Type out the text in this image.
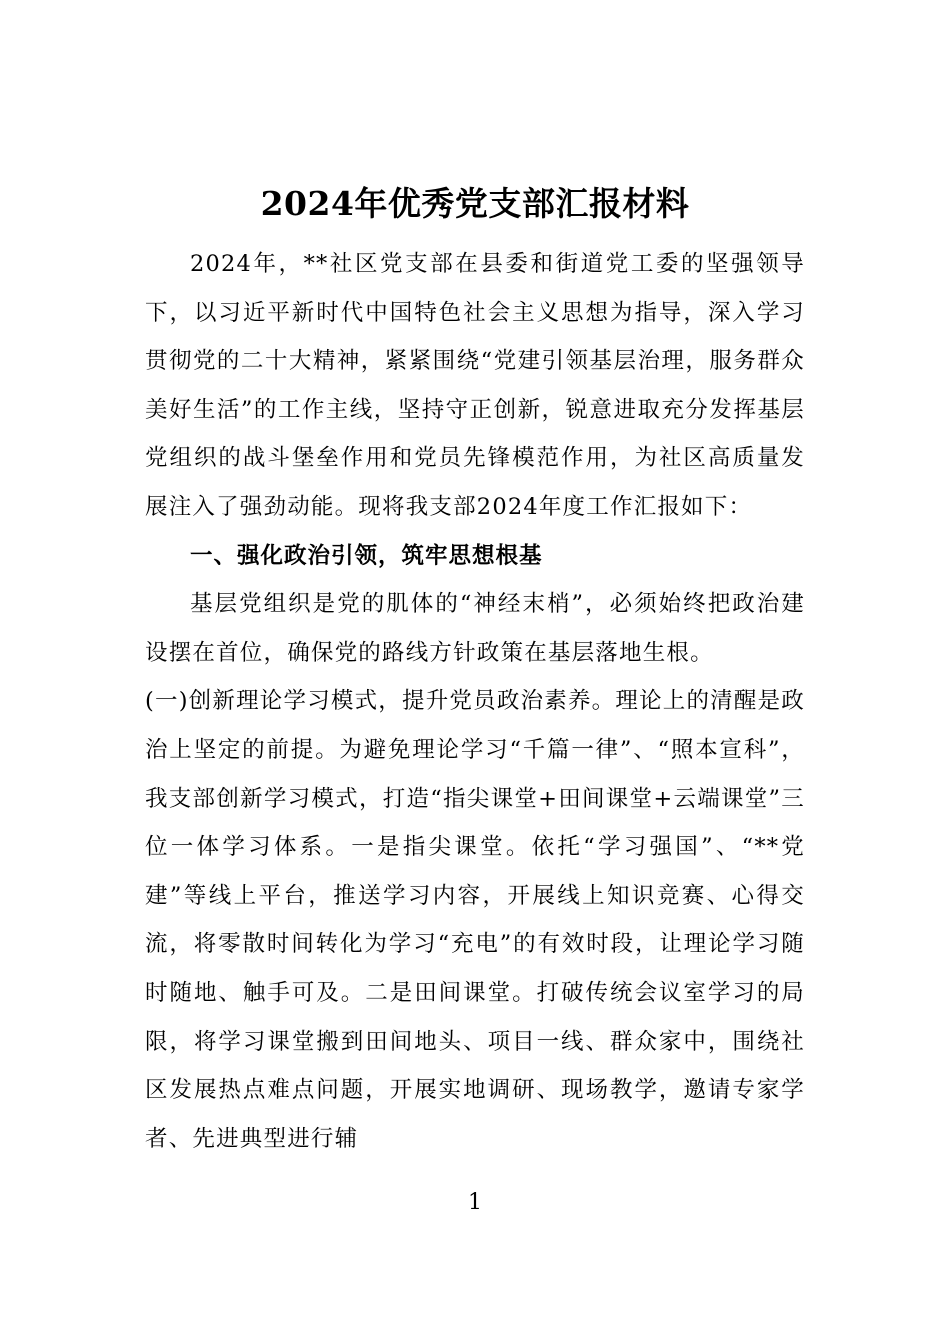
2024年优秀党支部汇报材料

2024年，**社区党支部在县委和街道党工委的坚强领导下，以习近平新时代中国特色社会主义思想为指导，深入学习贯彻党的二十大精神，紧紧围绕“党建引领基层治理，服务群众美好生活”的工作主线，坚持守正创新，锐意进取充分发挥基层党组织的战斗堡垒作用和党员先锋模范作用，为社区高质量发展注入了强劲动能。现将我支部2024年度工作汇报如下：

一、强化政治引领，筑牢思想根基

基层党组织是党的肌体的“神经末梢”，必须始终把政治建设摆在首位，确保党的路线方针政策在基层落地生根。

(一)创新理论学习模式，提升党员政治素养。理论上的清醒是政治上坚定的前提。为避免理论学习“千篇一律”、“照本宣科”，我支部创新学习模式，打造“指尖课堂+田间课堂+云端课堂”三位一体学习体系。一是指尖课堂。依托“学习强国”、“**党建”等线上平台，推送学习内容，开展线上知识竞赛、心得交流，将零散时间转化为学习“充电”的有效时段，让理论学习随时随地、触手可及。二是田间课堂。打破传统会议室学习的局限，将学习课堂搬到田间地头、项目一线、群众家中，围绕社区发展热点难点问题，开展实地调研、现场教学，邀请专家学者、先进典型进行辅

1
